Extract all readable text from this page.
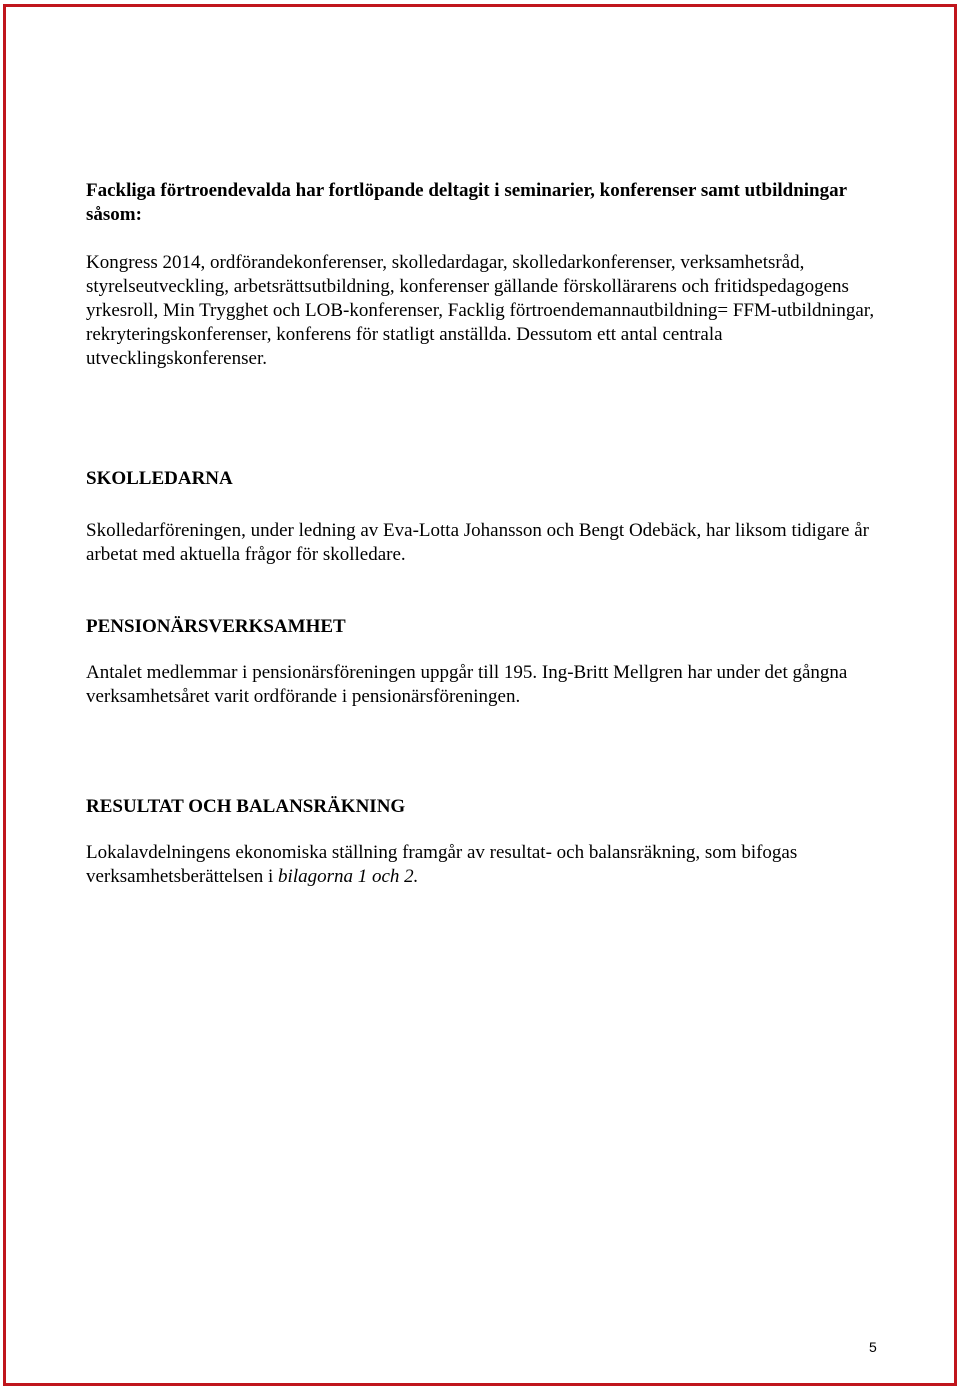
Fackliga förtroendevalda har fortlöpande deltagit i seminarier, konferenser samt utbildningar såsom:

Kongress 2014, ordförandekonferenser, skolledardagar, skolledarkonferenser, verksamhetsråd, styrelseutveckling, arbetsrättsutbildning, konferenser gällande förskollärarens och fritidspedagogens yrkesroll, Min Trygghet och LOB-konferenser, Facklig förtroendemannautbildning= FFM-utbildningar, rekryteringskonferenser, konferens för statligt anställda. Dessutom ett antal centrala utvecklingskonferenser.

SKOLLEDARNA

Skolledarföreningen, under ledning av Eva-Lotta Johansson och Bengt Odebäck, har liksom tidigare år arbetat med aktuella frågor för skolledare.

PENSIONÄRSVERKSAMHET

Antalet medlemmar i pensionärsföreningen uppgår till 195. Ing-Britt Mellgren har under det gångna verksamhetsåret varit ordförande i pensionärsföreningen.

RESULTAT OCH BALANSRÄKNING

Lokalavdelningens ekonomiska ställning framgår av resultat- och balansräkning, som bifogas verksamhetsberättelsen i bilagorna 1 och 2.

5
